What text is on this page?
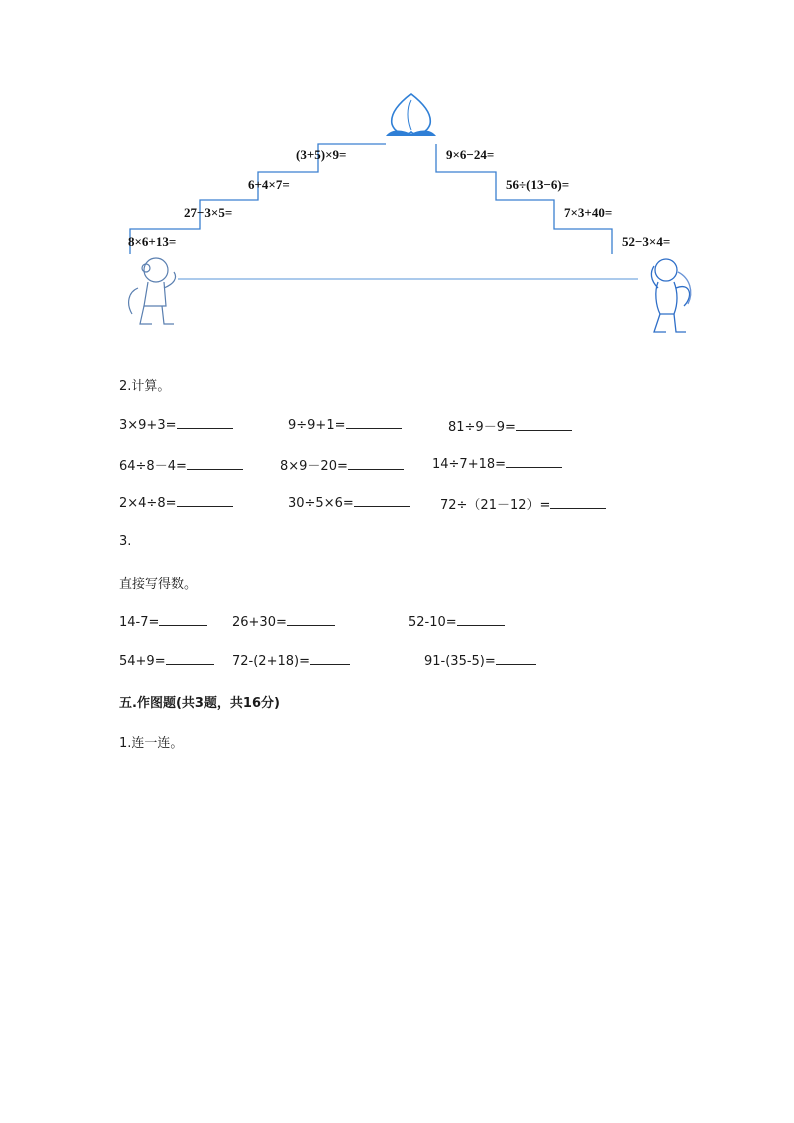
8×6+13=
27−3×5=
6+4×7=
(3+5)×9=	9×6−24=
56÷(13−6)=
7×3+40=
52−3×4=
2.计算。
3×9+3=	9÷9+1=	81÷9－9=
64÷8－4=	8×9－20=	14÷7+18=
2×4÷8=	30÷5×6=	72÷（21－12）=
3.
直接写得数。
14-7=	26+30=	52-10=
54+9=	72-(2+18)=	91-(35-5)=
五.作图题(共3题，共16分)
1.连一连。
